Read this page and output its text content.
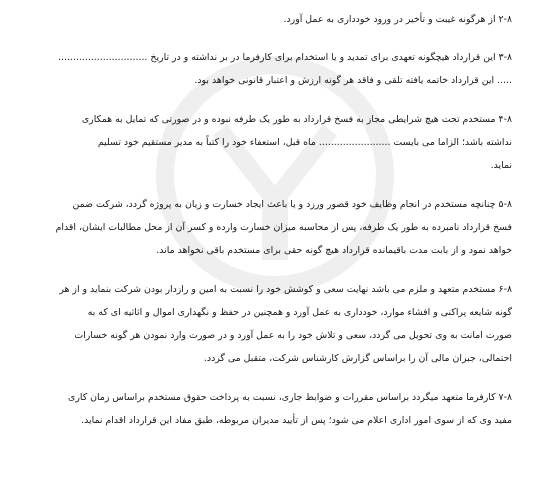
۲-۸ از هرگونه غیبت و تأخیر در ورود خودداری به عمل آورد.
۳-۸ این قرارداد هیچگونه تعهدی برای تمدید و یا استخدام برای کارفرما در بر نداشته و در تاریخ ..............................
..... این قرارداد خاتمه یافته تلقی و فاقد هر گونه ارزش و اعتبار قانونی خواهد بود.
۴-۸ مستخدم تحت هیچ شرایطی مجاز به فسخ قرارداد به طور یک طرفه نبوده و در صورتی که تمایل به همکاری
نداشته باشد؛ الزاما می بایست ........................ ماه قبل، استعفاء خود را کتباً به مدیر مستقیم خود تسلیم
نماید.
۵-۸ چنانچه مستخدم در انجام وظایف خود قصور ورزد و یا باعث ایجاد خسارت و زیان به پروژه گردد، شرکت ضمن
فسخ قرارداد نامبرده به طور یک طرفه، پس از محاسبه میزان خسارت وارده و کسر آن از محل مطالبات ایشان، اقدام
خواهد نمود و از بابت مدت باقیمانده قرارداد هیچ گونه حقی برای مستخدم باقی نخواهد ماند.
۶-۸ مستخدم متعهد و ملزم می باشد نهایت سعی و کوشش خود را نسبت به امین و رازدار بودن شرکت بنماید و از هر
گونه شایعه پراکنی و افشاء موارد، خودداری به عمل آورد و همچنین در حفظ و نگهداری اموال و اثاثیه ای که به
صورت امانت به وی تحویل می گردد، سعی و تلاش خود را به عمل آورد و در صورت وارد نمودن هر گونه خسارات
احتمالی، جبران مالی آن را براساس گزارش کارشناس شرکت، متقبل می گردد.
۷-۸ کارفرما متعهد میگردد براساس مقررات و ضوابط جاری، نسبت به پرداخت حقوق مستخدم براساس زمان کاری
مفید وی که از سوی امور اداری اعلام می شود؛ پس از تأیید مدیران مربوطه، طبق مفاد این قرارداد اقدام نماید.
